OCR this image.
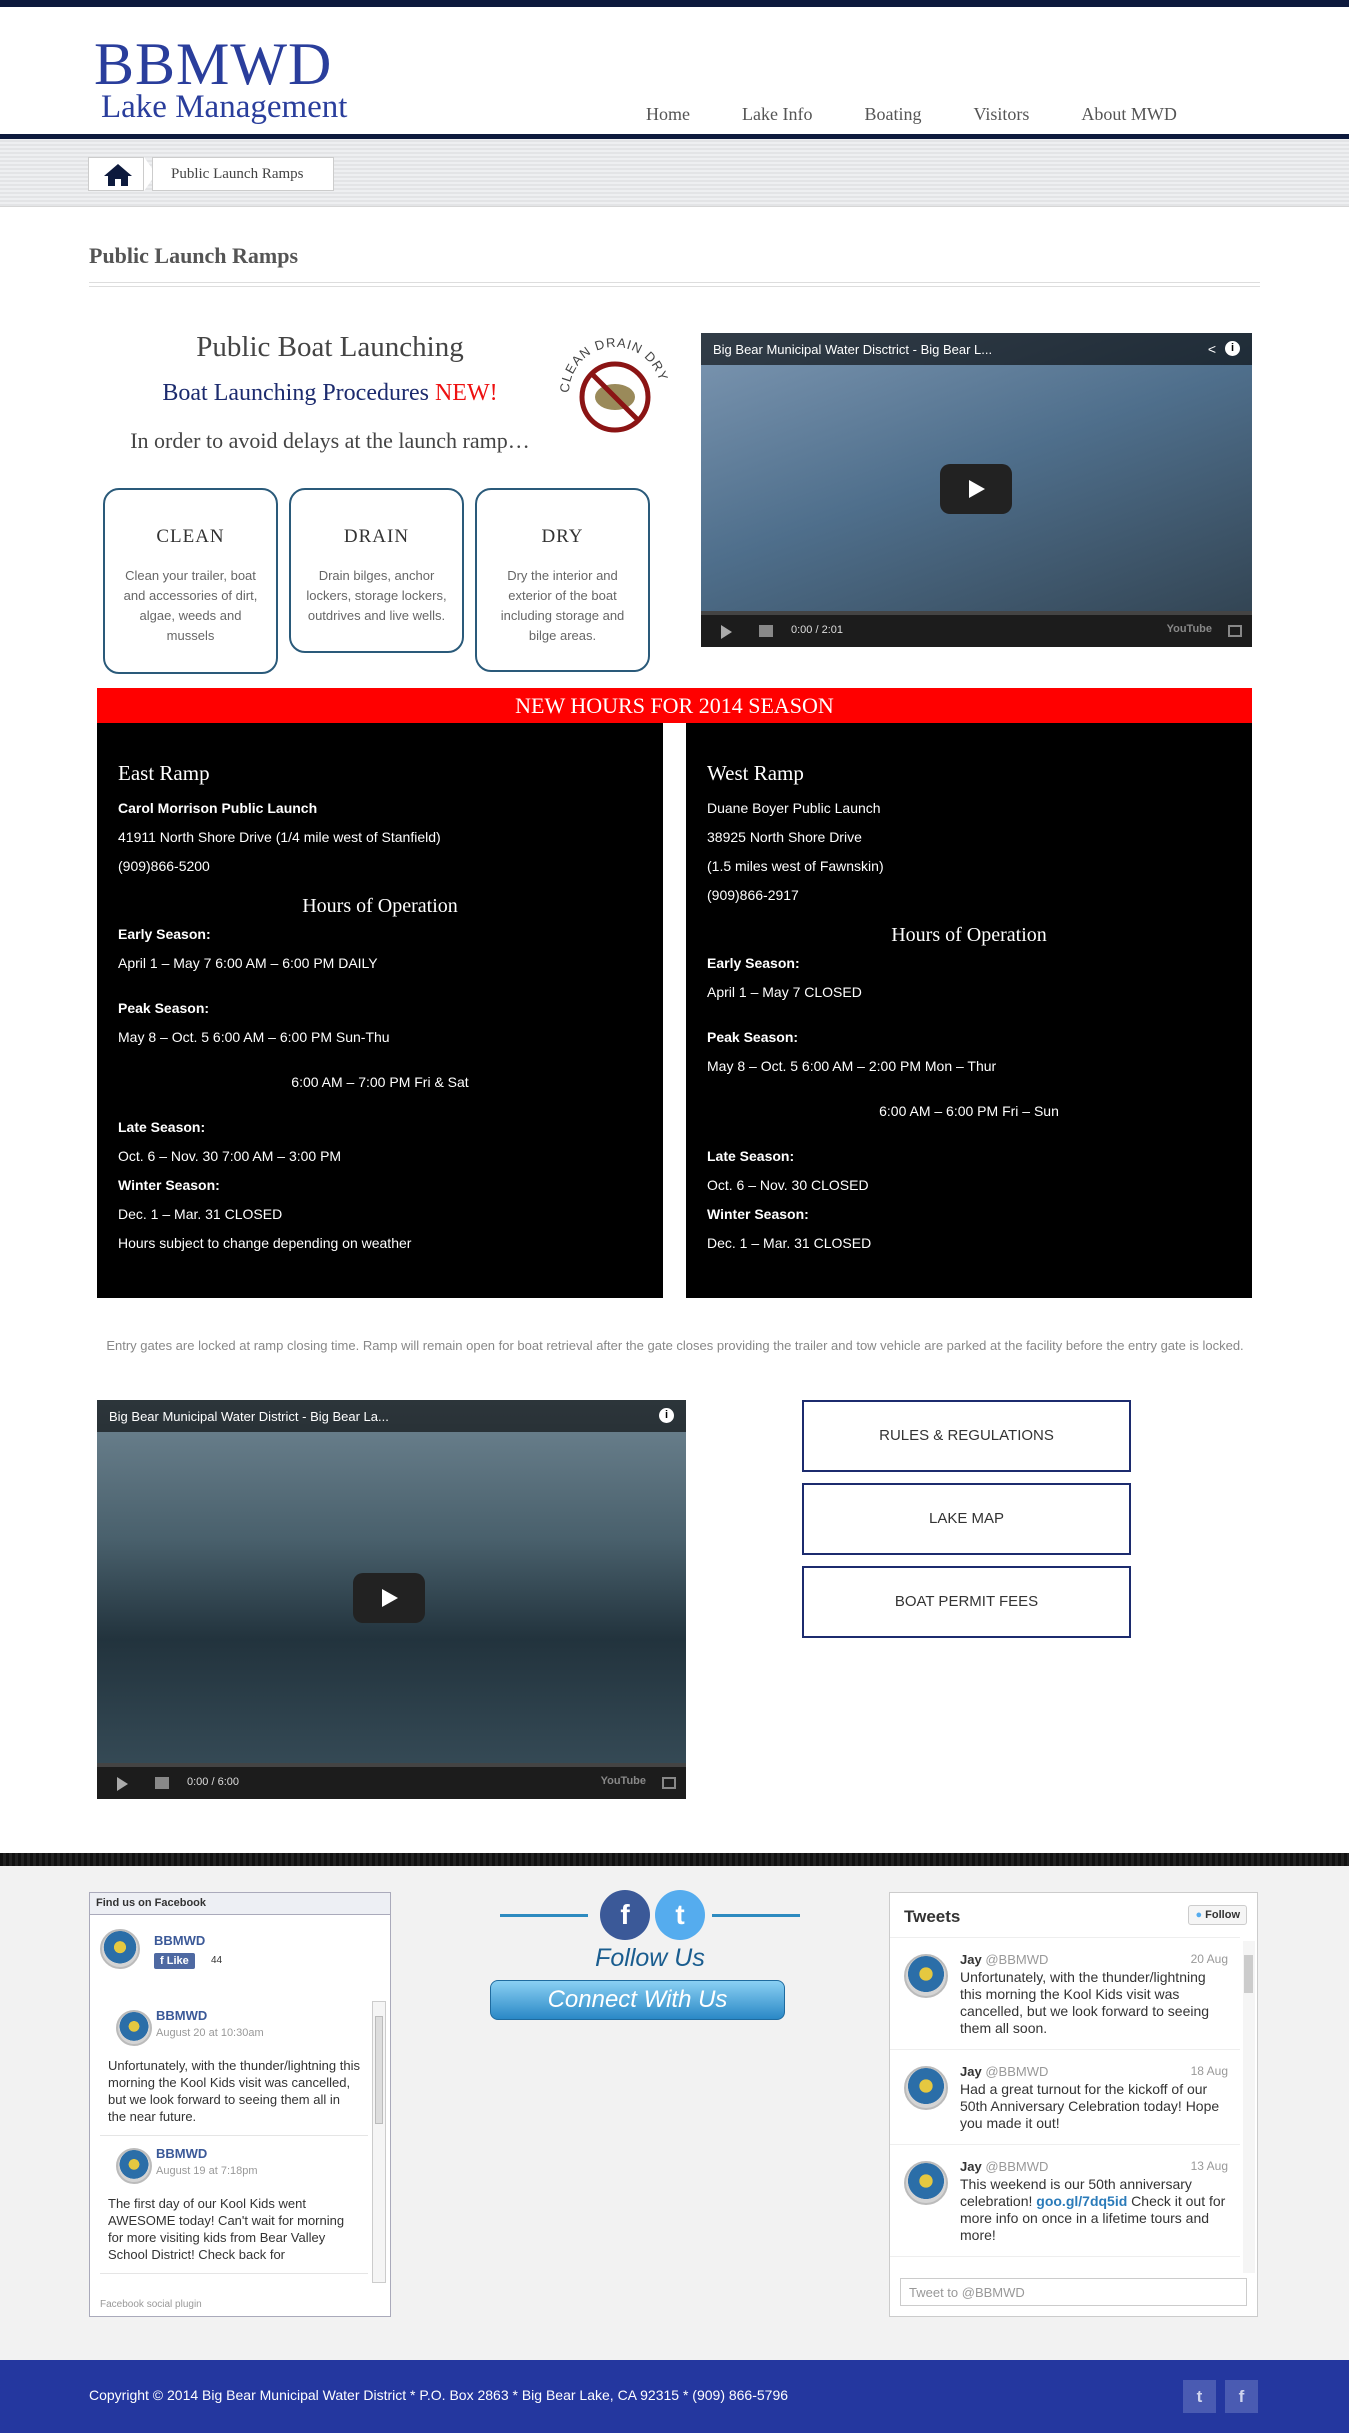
BBMWD
Lake Management	Home	Lake Info	Boating	Visitors	About MWD
Public Launch Ramps
Public Launch Ramps
Public Boat Launching
Boat Launching Procedures NEW!
In order to avoid delays at the launch ramp…
CLEAN DRAIN DRY
CLEAN
Clean your trailer, boat and accessories of dirt, algae, weeds and mussels
DRAIN
Drain bilges, anchor lockers, storage lockers, outdrives and live wells.
DRY
Dry the interior and exterior of the boat including storage and bilge areas.
Big Bear Municipal Water Disctrict - Big Bear L...	<	i
0:00 / 2:01	YouTube
NEW HOURS FOR 2014 SEASON
East Ramp
Carol Morrison Public Launch
41911 North Shore Drive (1/4 mile west of Stanfield)
(909)866-5200
Hours of Operation
Early Season:
April 1 – May 7 6:00 AM – 6:00 PM DAILY
Peak Season:
May 8 – Oct. 5 6:00 AM – 6:00 PM Sun-Thu
6:00 AM – 7:00 PM Fri & Sat
Late Season:
Oct. 6 – Nov. 30 7:00 AM – 3:00 PM
Winter Season:
Dec. 1 – Mar. 31 CLOSED
Hours subject to change depending on weather
West Ramp
Duane Boyer Public Launch
38925 North Shore Drive
(1.5 miles west of Fawnskin)
(909)866-2917
Hours of Operation
Early Season:
April 1 – May 7 CLOSED
Peak Season:
May 8 – Oct. 5 6:00 AM – 2:00 PM Mon – Thur
6:00 AM – 6:00 PM Fri – Sun
Late Season:
Oct. 6 – Nov. 30 CLOSED
Winter Season:
Dec. 1 – Mar. 31 CLOSED
Entry gates are locked at ramp closing time. Ramp will remain open for boat retrieval after the gate closes providing the trailer and tow vehicle are parked at the facility before the entry gate is locked.
Big Bear Municipal Water District - Big Bear La...	i
0:00 / 6:00	YouTube
RULES & REGULATIONS
LAKE MAP
BOAT PERMIT FEES
Find us on Facebook
BBMWD
f Like	44
BBMWD
August 20 at 10:30am
Unfortunately, with the thunder/lightning this morning the Kool Kids visit was cancelled, but we look forward to seeing them all in the near future.
BBMWD
August 19 at 7:18pm
The first day of our Kool Kids went AWESOME today! Can't wait for morning for more visiting kids from Bear Valley School District! Check back for
Facebook social plugin
f	t
Follow Us
Connect With Us
Tweets	● Follow
Jay @BBMWD	20 Aug
Unfortunately, with the thunder/lightning this morning the Kool Kids visit was cancelled, but we look forward to seeing them all soon.
Jay @BBMWD	18 Aug
Had a great turnout for the kickoff of our 50th Anniversary Celebration today! Hope you made it out!
Jay @BBMWD	13 Aug
This weekend is our 50th anniversary celebration! goo.gl/7dq5id Check it out for more info on once in a lifetime tours and more!
Tweet to @BBMWD
Copyright © 2014 Big Bear Municipal Water District * P.O. Box 2863 * Big Bear Lake, CA 92315 * (909) 866-5796	t	f
